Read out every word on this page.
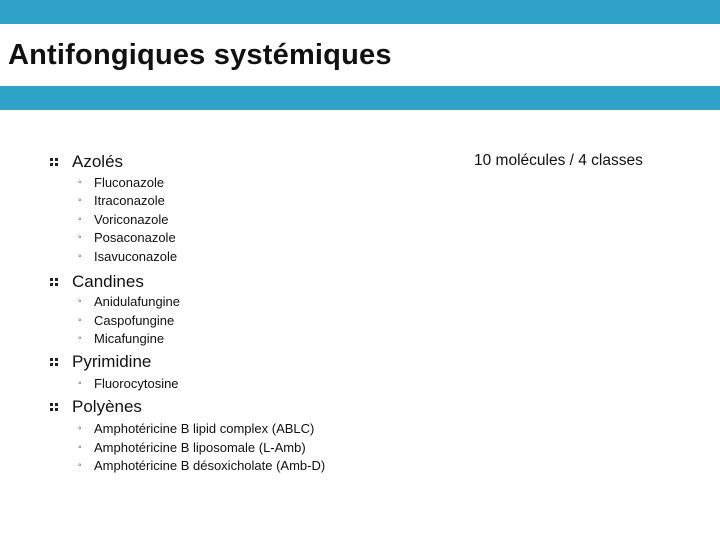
Antifongiques systémiques
Azolés
◦ Fluconazole
◦ Itraconazole
◦ Voriconazole
◦ Posaconazole
◦ Isavuconazole
Candines
◦ Anidulafungine
◦ Caspofungine
◦ Micafungine
Pyrimidine
◦ Fluorocytosine
Polyènes
◦ Amphotéricine B lipid complex (ABLC)
◦ Amphotéricine B liposomale (L-Amb)
◦ Amphotéricine B désoxicholate (Amb-D)
10 molécules / 4 classes
